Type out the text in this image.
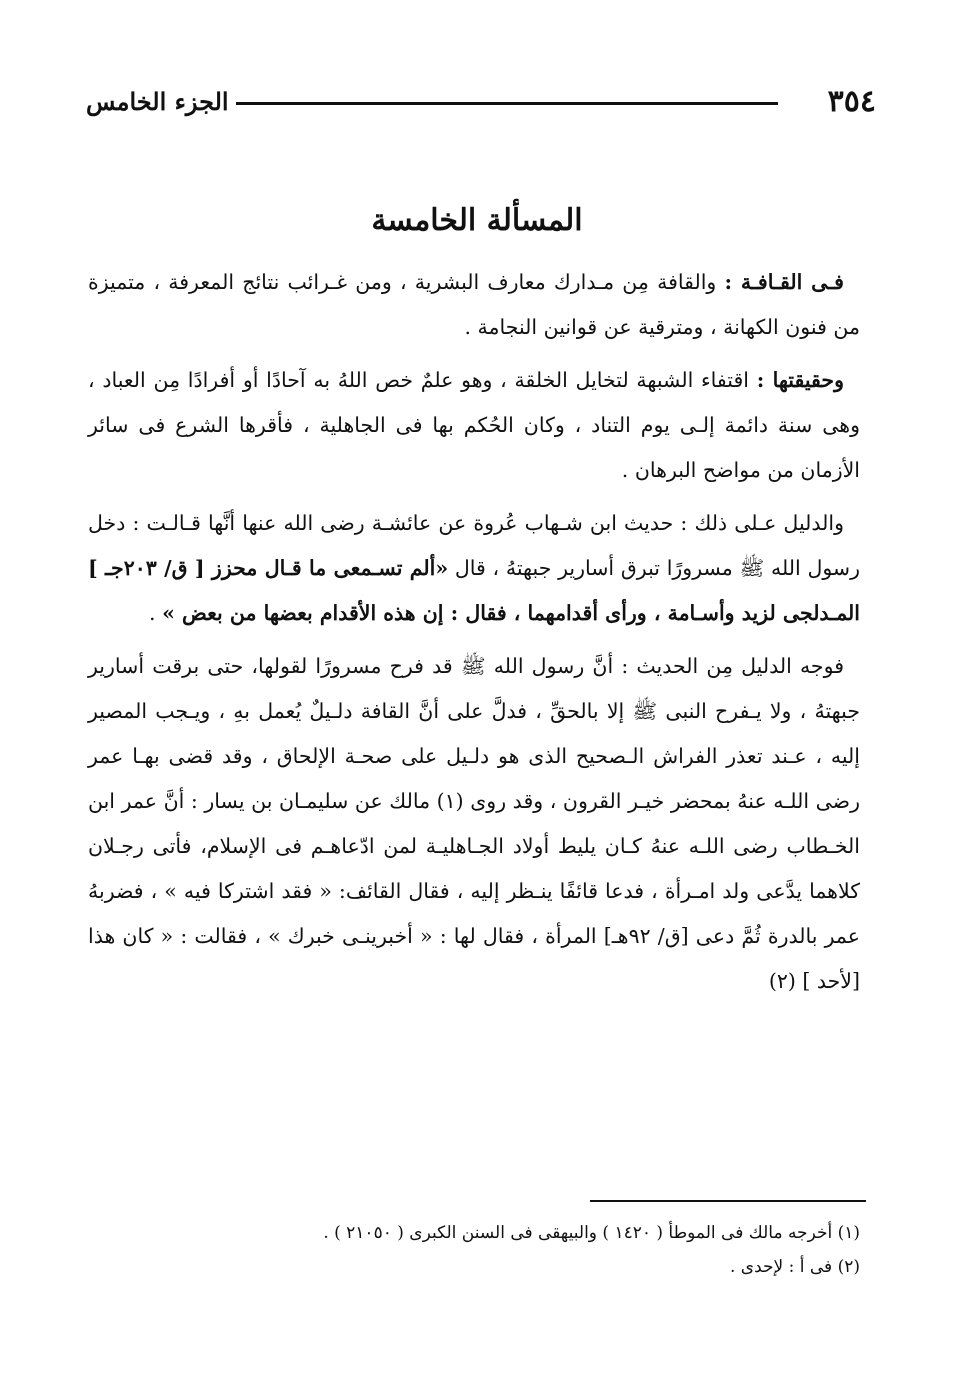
٣٥٤
الجزء الخامس
المسألة الخامسة

فـى القـافـة : والقافة مِن مـدارك معارف البشرية ، ومن غـرائب نتائج المعرفة ، متميزة من فنون الكهانة ، ومترقية عن قوانين النجامة .

وحقيقتها : اقتفاء الشبهة لتخايل الخلقة ، وهو علمٌ خص اللهُ به آحادًا أو أفرادًا مِن العباد ، وهى سنة دائمة إلـى يوم التناد ، وكان الحُكم بها فى الجاهلية ، فأقرها الشرع فى سائر الأزمان من مواضح البرهان .

والدليل عـلى ذلك : حديث ابن شـهاب عُروة عن عائشـة رضى الله عنها أنَّها قـالـت : دخل رسول الله ﷺ مسرورًا تبرق أسارير جبهتهُ ، قال «ألم تسـمعى ما قـال محزز [ ق/ ٢٠٣جـ ] المـدلجى لزيد وأسـامة ، ورأى أقدامهما ، فقال : إن هذه الأقدام بعضها من بعض » .

فوجه الدليل مِن الحديث : أنَّ رسول الله ﷺ قد فرح مسرورًا لقولها، حتى برقت أسارير جبهتهُ ، ولا يـفرح النبى ﷺ إلا بالحقِّ ، فدلَّ على أنَّ القافة دلـيلٌ يُعمل بهِ ، ويـجب المصير إليه ، عـند تعذر الفراش الـصحيح الذى هو دلـيل على صحـة الإلحاق ، وقد قضى بهـا عمر رضى اللـه عنهُ بمحضر خيـر القرون ، وقد روى (١) مالك عن سليمـان بن يسار : أنَّ عمر ابن الخـطاب رضى اللـه عنهُ كـان يليط أولاد الجـاهليـة لمن ادّعاهـم فى الإسلام، فأتى رجـلان كلاهما يدَّعى ولد امـرأة ، فدعا قائفًا ينـظر إليه ، فقال القائف: « فقد اشتركا فيه » ، فضربهُ عمر بالدرة ثُمَّ دعى [ق/ ٩٢هـ] المرأة ، فقال لها : « أخبرينـى خبرك » ، فقالت : « كان هذا [لأحد ] (٢)

(١) أخرجه مالك فى الموطأ ( ١٤٢٠ ) والبيهقى فى السنن الكبرى ( ٢١٠٥٠ ) .
(٢) فى أ : لإحدى .
